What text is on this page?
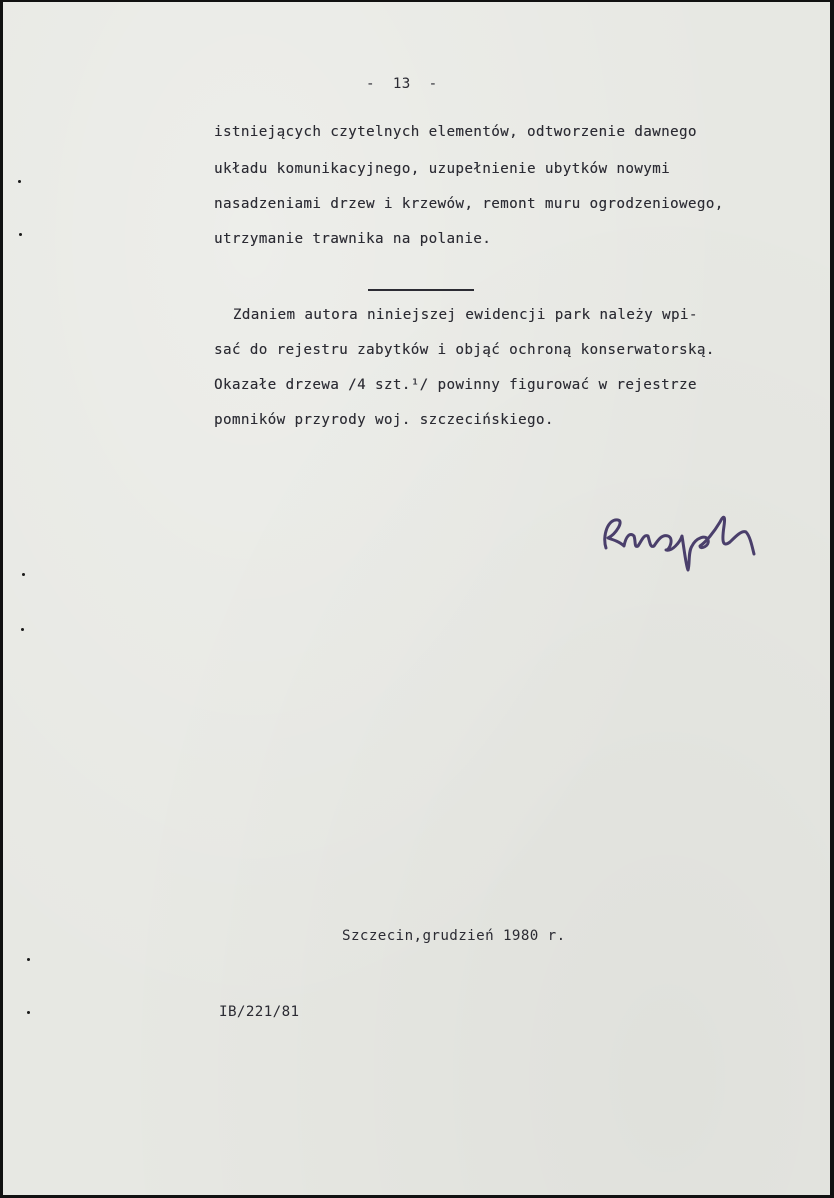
-  13  -
istniejących czytelnych elementów, odtworzenie dawnego
układu komunikacyjnego, uzupełnienie ubytków nowymi
nasadzeniami drzew i krzewów, remont muru ogrodzeniowego,
utrzymanie trawnika na polanie.
Zdaniem autora niniejszej ewidencji park należy wpi-
sać do rejestru zabytków i objąć ochroną konserwatorską.
Okazałe drzewa /4 szt.¹/ powinny figurować w rejestrze
pomników przyrody woj. szczecińskiego.
Szczecin,grudzień 1980 r.
IB/221/81
